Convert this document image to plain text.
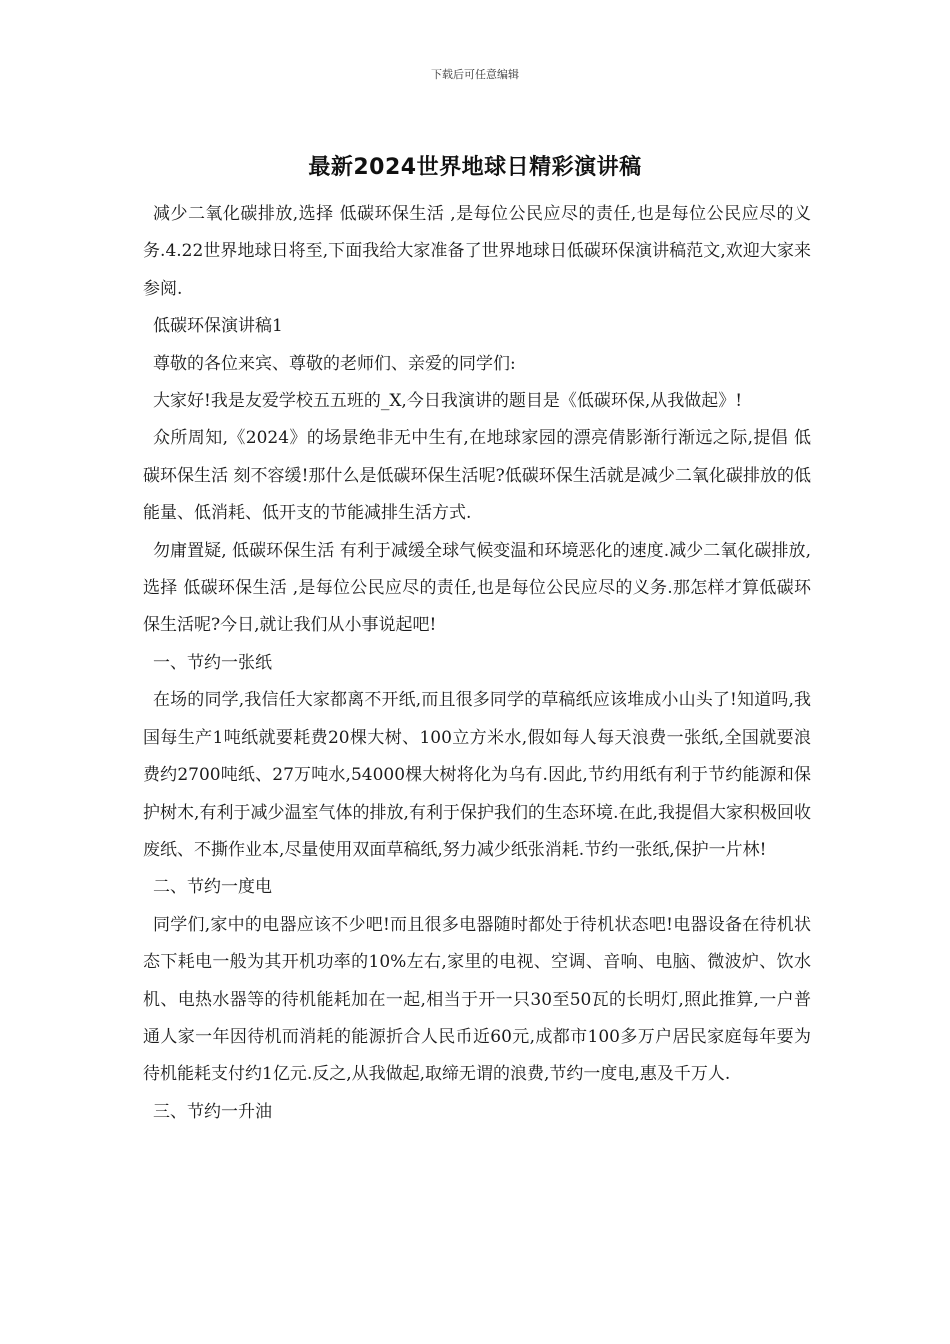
下载后可任意编辑
最新2024世界地球日精彩演讲稿

减少二氧化碳排放,选择 低碳环保生活 ,是每位公民应尽的责任,也是每位公民应尽的义务.4.22世界地球日将至,下面我给大家准备了世界地球日低碳环保演讲稿范文,欢迎大家来参阅.

低碳环保演讲稿1

尊敬的各位来宾、尊敬的老师们、亲爱的同学们:

大家好!我是友爱学校五五班的_X,今日我演讲的题目是《低碳环保,从我做起》!

众所周知,《2024》的场景绝非无中生有,在地球家园的漂亮倩影渐行渐远之际,提倡 低碳环保生活 刻不容缓!那什么是低碳环保生活呢?低碳环保生活就是减少二氧化碳排放的低能量、低消耗、低开支的节能减排生活方式.

勿庸置疑, 低碳环保生活 有利于减缓全球气候变温和环境恶化的速度.减少二氧化碳排放,选择 低碳环保生活 ,是每位公民应尽的责任,也是每位公民应尽的义务.那怎样才算低碳环保生活呢?今日,就让我们从小事说起吧!

一、节约一张纸

在场的同学,我信任大家都离不开纸,而且很多同学的草稿纸应该堆成小山头了!知道吗,我国每生产1吨纸就要耗费20棵大树、100立方米水,假如每人每天浪费一张纸,全国就要浪费约2700吨纸、27万吨水,54000棵大树将化为乌有.因此,节约用纸有利于节约能源和保护树木,有利于减少温室气体的排放,有利于保护我们的生态环境.在此,我提倡大家积极回收废纸、不撕作业本,尽量使用双面草稿纸,努力减少纸张消耗.节约一张纸,保护一片林!

二、节约一度电

同学们,家中的电器应该不少吧!而且很多电器随时都处于待机状态吧!电器设备在待机状态下耗电一般为其开机功率的10%左右,家里的电视、空调、音响、电脑、微波炉、饮水机、电热水器等的待机能耗加在一起,相当于开一只30至50瓦的长明灯,照此推算,一户普通人家一年因待机而消耗的能源折合人民币近60元,成都市100多万户居民家庭每年要为待机能耗支付约1亿元.反之,从我做起,取缔无谓的浪费,节约一度电,惠及千万人.

三、节约一升油
